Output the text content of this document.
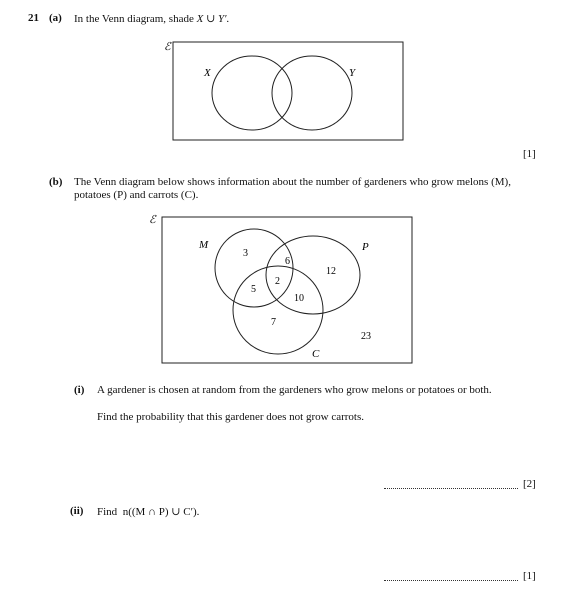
21 (a) In the Venn diagram, shade X ∪ Y′.
ℰ
X	Y
[1]
(b) The Venn diagram below shows information about the number of gardeners who grow melons (M),
potatoes (P) and carrots (C).
ℰ
M	P
C
3
6
12
5
2
10
7
23
(i) A gardener is chosen at random from the gardeners who grow melons or potatoes or both.
Find the probability that this gardener does not grow carrots.
[2]
(ii) Find n((M ∩ P) ∪ C′).
[1]
